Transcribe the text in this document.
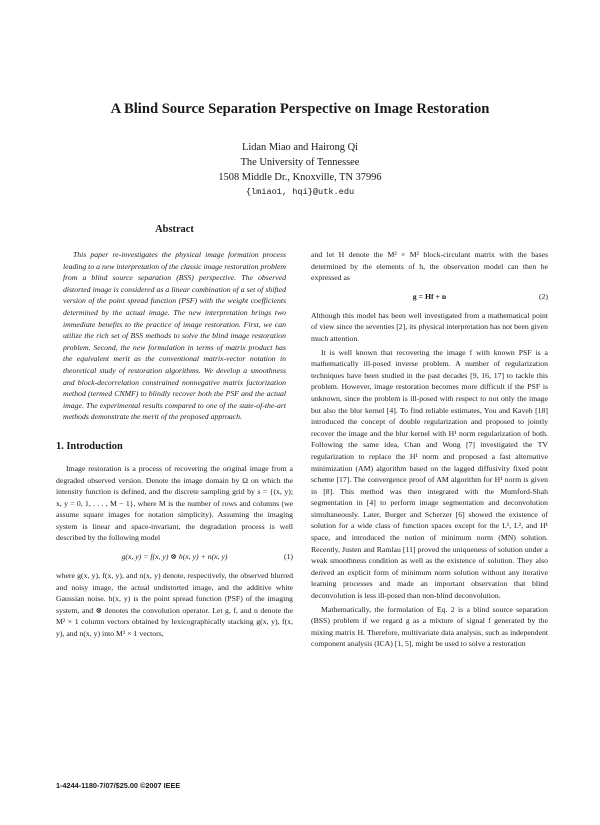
A Blind Source Separation Perspective on Image Restoration
Lidan Miao and Hairong Qi
The University of Tennessee
1508 Middle Dr., Knoxville, TN 37996
{lmiao1, hqi}@utk.edu
Abstract

This paper re-investigates the physical image formation process leading to a new interpretation of the classic image restoration problem from a blind source separation (BSS) perspective. The observed distorted image is considered as a linear combination of a set of shifted version of the point spread function (PSF) with the weight coefficients determined by the actual image. The new interpretation brings two immediate benefits to the practice of image restoration. First, we can utilize the rich set of BSS methods to solve the blind image restoration problem. Second, the new formulation in terms of matrix product has the equivalent merit as the conventional matrix-vector notation in theoretical study of restoration algorithms. We develop a smoothness and block-decorrelation constrained nonnegative matrix factorization method (termed CNMF) to blindly recover both the PSF and the actual image. The experimental results compared to one of the state-of-the-art methods demonstrate the merit of the proposed approach.

1. Introduction

Image restoration is a process of recovering the original image from a degraded observed version. Denote the image domain by Ω on which the intensity function is defined, and the discrete sampling grid by s = {(x, y); x, y = 0, 1, . . . , M − 1}, where M is the number of rows and columns (we assume square images for notation simplicity). Assuming the imaging system is linear and space-invariant, the degradation process is well described by the following model

g(x, y) = f(x, y) ⊗ h(x, y) + n(x, y)	(1)

where g(x, y), f(x, y), and n(x, y) denote, respectively, the observed blurred and noisy image, the actual undistorted image, and the additive white Gaussian noise. h(x, y) is the point spread function (PSF) of the imaging system, and ⊗ denotes the convolution operator. Let g, f, and n denote the M² × 1 column vectors obtained by lexicographically stacking g(x, y), f(x, y), and n(x, y) into M² × 1 vectors,

and let H denote the M² × M² block-circulant matrix with the bases determined by the elements of h, the observation model can then be expressed as

g = Hf + n	(2)

Although this model has been well investigated from a mathematical point of view since the seventies [2], its physical interpretation has not been given much attention.

It is well known that recovering the image f with known PSF is a mathematically ill-posed inverse problem. A number of regularization techniques have been studied in the past decades [9, 16, 17] to tackle this problem. However, image restoration becomes more difficult if the PSF is unknown, since the problem is ill-posed with respect to not only the image but also the blur kernel [4]. To find reliable estimates, You and Kaveh [18] introduced the concept of double regularization and proposed to jointly recover the image and the blur kernel with H¹ norm regularization of both. Following the same idea, Chan and Wong [7] investigated the TV regularization to replace the H¹ norm and proposed a fast alternative minimization (AM) algorithm based on the lagged diffusivity fixed point scheme [17]. The convergence proof of AM algorithm for H¹ norm is given in [8]. This method was then integrated with the Mumford-Shah segmentation in [4] to perform image segmentation and deconvolution simultaneously. Later, Burger and Scherzer [6] showed the existence of solution for a wide class of function spaces except for the L¹, L², and H¹ space, and introduced the notion of minimum norm (MN) solution. Recently, Justen and Ramlau [11] proved the uniqueness of solution under a weak smoothness condition as well as the existence of solution. They also derived an explicit form of minimum norm solution without any iterative learning processes and made an important observation that blind deconvolution is less ill-posed than non-blind deconvolution.

Mathematically, the formulation of Eq. 2 is a blind source separation (BSS) problem if we regard g as a mixture of signal f generated by the mixing matrix H. Therefore, multivariate data analysis, such as independent component analysis (ICA) [1, 5], might be used to solve a restoration

1-4244-1180-7/07/$25.00 ©2007 IEEE
